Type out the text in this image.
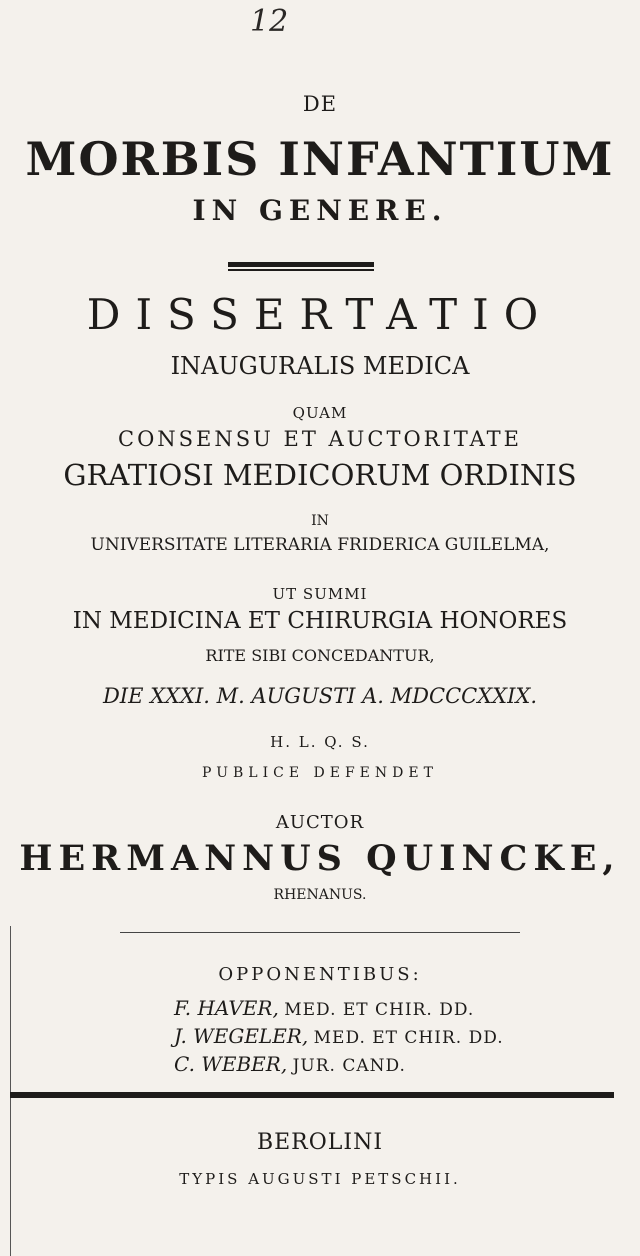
12
DE
MORBIS INFANTIUM
IN GENERE.
DISSERTATIO
INAUGURALIS MEDICA
QUAM
CONSENSU ET AUCTORITATE
GRATIOSI MEDICORUM ORDINIS
IN
UNIVERSITATE LITERARIA FRIDERICA GUILELMA,
UT SUMMI
IN MEDICINA ET CHIRURGIA HONORES
RITE SIBI CONCEDANTUR,
DIE XXXI. M. AUGUSTI A. MDCCCXXIX.
H. L. Q. S.
PUBLICE DEFENDET
AUCTOR
HERMANNUS QUINCKE,
RHENANUS.
OPPONENTIBUS:
F. HAVER, MED. ET CHIR. DD.
J. WEGELER, MED. ET CHIR. DD.
C. WEBER, JUR. CAND.
BEROLINI
TYPIS AUGUSTI PETSCHII.
